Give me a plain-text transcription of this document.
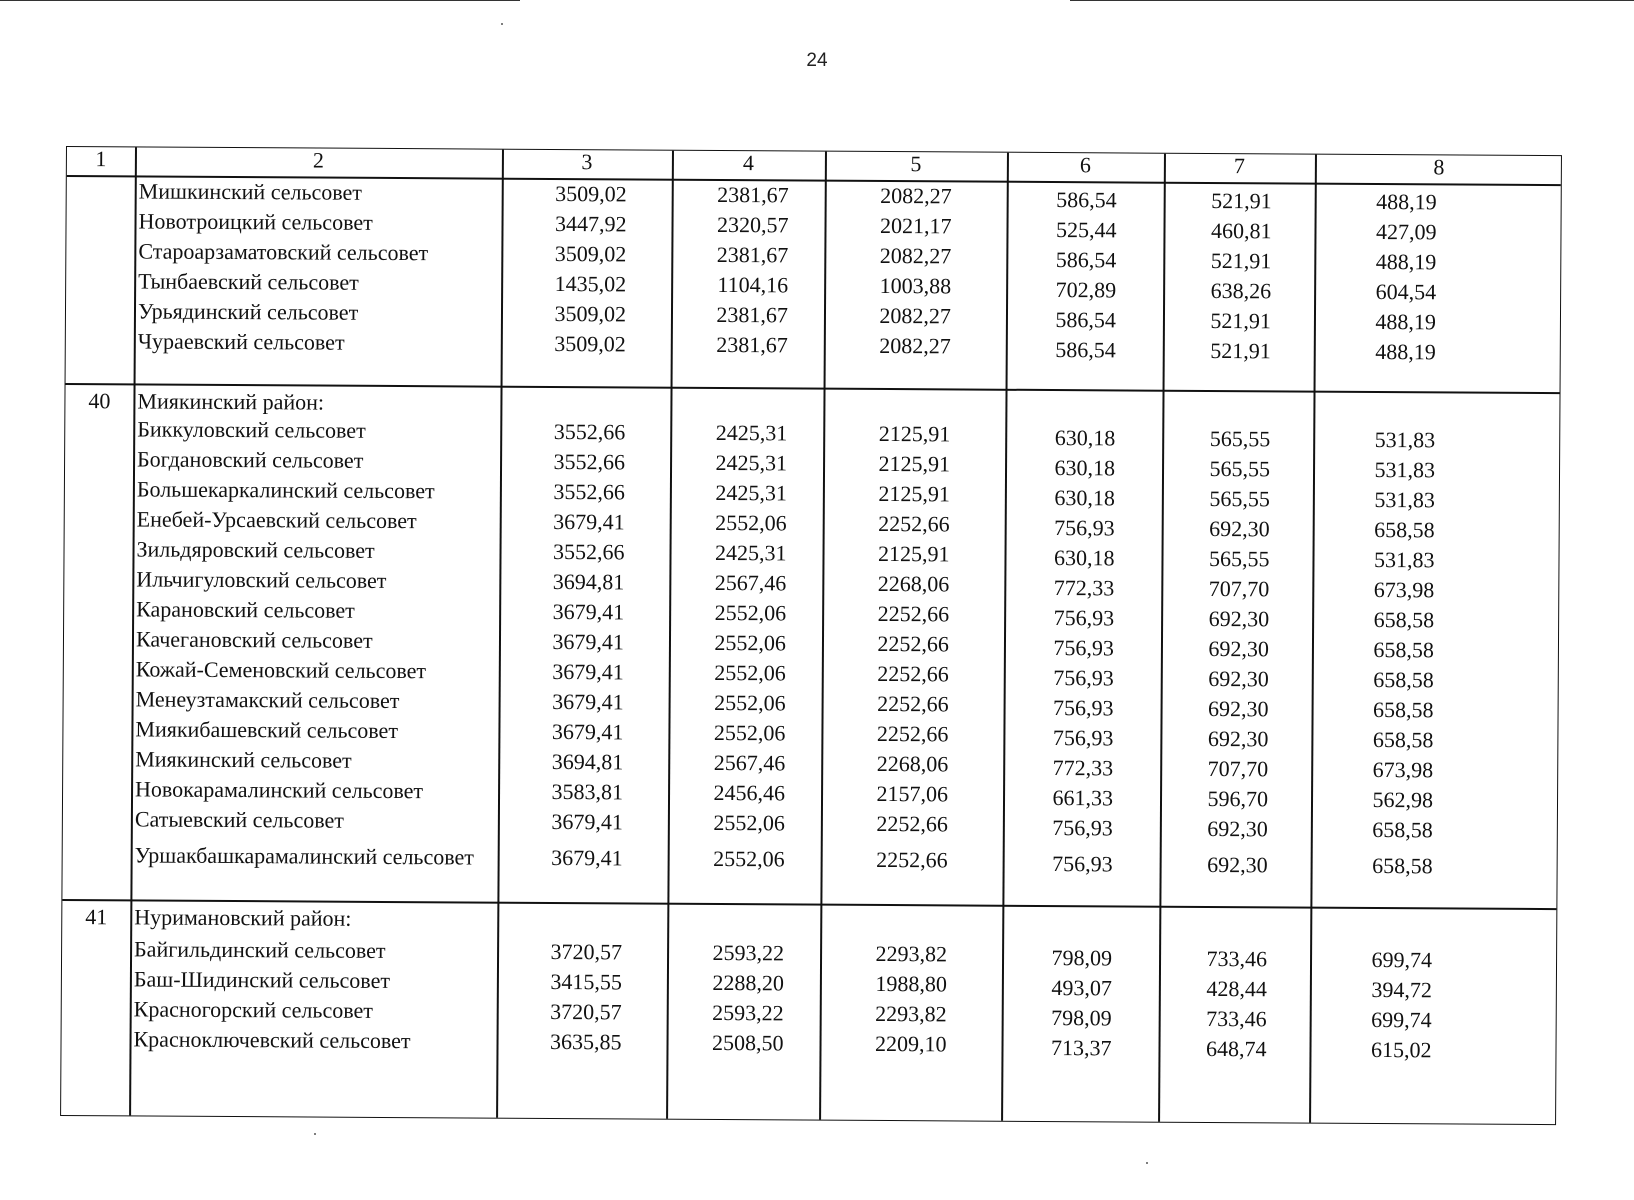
24
1	2	3	4	5	6	7	8
Мишкинский сельсовет	3509,02	2381,67	2082,27	586,54	521,91	488,19
Новотроицкий сельсовет	3447,92	2320,57	2021,17	525,44	460,81	427,09
Староарзаматовский сельсовет	3509,02	2381,67	2082,27	586,54	521,91	488,19
Тынбаевский сельсовет	1435,02	1104,16	1003,88	702,89	638,26	604,54
Урьядинский сельсовет	3509,02	2381,67	2082,27	586,54	521,91	488,19
Чураевский сельсовет	3509,02	2381,67	2082,27	586,54	521,91	488,19
40	Миякинский район:
Биккуловский сельсовет	3552,66	2425,31	2125,91	630,18	565,55	531,83
Богдановский сельсовет	3552,66	2425,31	2125,91	630,18	565,55	531,83
Большекаркалинский сельсовет	3552,66	2425,31	2125,91	630,18	565,55	531,83
Енебей-Урсаевский сельсовет	3679,41	2552,06	2252,66	756,93	692,30	658,58
Зильдяровский сельсовет	3552,66	2425,31	2125,91	630,18	565,55	531,83
Ильчигуловский сельсовет	3694,81	2567,46	2268,06	772,33	707,70	673,98
Карановский сельсовет	3679,41	2552,06	2252,66	756,93	692,30	658,58
Качегановский сельсовет	3679,41	2552,06	2252,66	756,93	692,30	658,58
Кожай-Семеновский сельсовет	3679,41	2552,06	2252,66	756,93	692,30	658,58
Менеузтамакский сельсовет	3679,41	2552,06	2252,66	756,93	692,30	658,58
Миякибашевский сельсовет	3679,41	2552,06	2252,66	756,93	692,30	658,58
Миякинский сельсовет	3694,81	2567,46	2268,06	772,33	707,70	673,98
Новокарамалинский сельсовет	3583,81	2456,46	2157,06	661,33	596,70	562,98
Сатыевский сельсовет	3679,41	2552,06	2252,66	756,93	692,30	658,58
Уршакбашкарамалинский сельсовет	3679,41	2552,06	2252,66	756,93	692,30	658,58
41	Нуримановский район:
Байгильдинский сельсовет	3720,57	2593,22	2293,82	798,09	733,46	699,74
Баш-Шидинский сельсовет	3415,55	2288,20	1988,80	493,07	428,44	394,72
Красногорский сельсовет	3720,57	2593,22	2293,82	798,09	733,46	699,74
Красноключевский сельсовет	3635,85	2508,50	2209,10	713,37	648,74	615,02
